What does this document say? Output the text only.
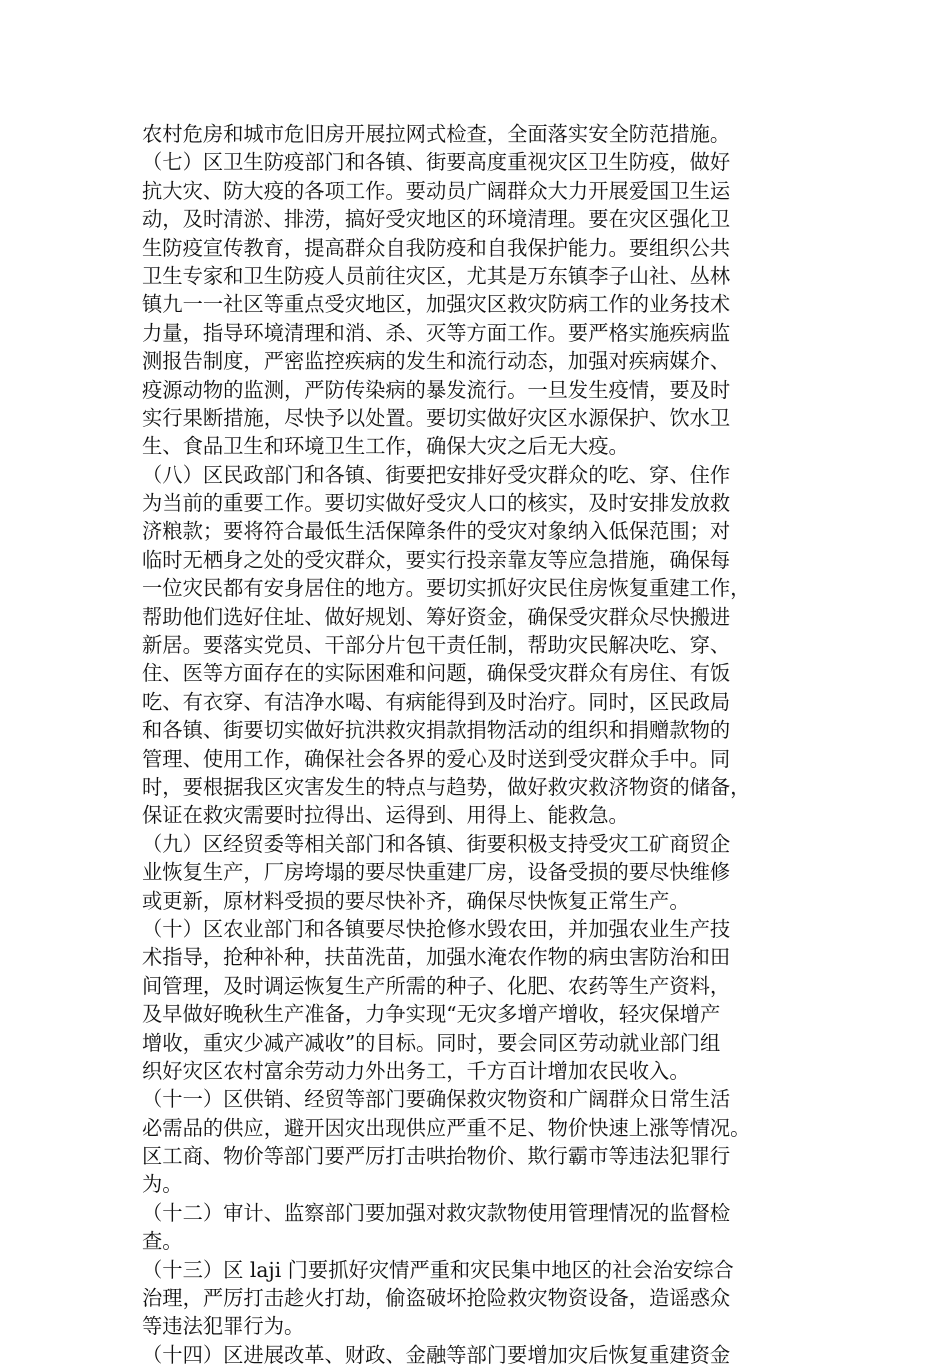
农村危房和城市危旧房开展拉网式检查，全面落实安全防范措施。
（七）区卫生防疫部门和各镇、街要高度重视灾区卫生防疫，做好
抗大灾、防大疫的各项工作。要动员广阔群众大力开展爱国卫生运
动，及时清淤、排涝，搞好受灾地区的环境清理。要在灾区强化卫
生防疫宣传教育，提高群众自我防疫和自我保护能力。要组织公共
卫生专家和卫生防疫人员前往灾区，尤其是万东镇李子山社、丛林
镇九一一社区等重点受灾地区，加强灾区救灾防病工作的业务技术
力量，指导环境清理和消、杀、灭等方面工作。要严格实施疾病监
测报告制度，严密监控疾病的发生和流行动态，加强对疾病媒介、
疫源动物的监测，严防传染病的暴发流行。一旦发生疫情，要及时
实行果断措施，尽快予以处置。要切实做好灾区水源保护、饮水卫
生、食品卫生和环境卫生工作，确保大灾之后无大疫。
（八）区民政部门和各镇、街要把安排好受灾群众的吃、穿、住作
为当前的重要工作。要切实做好受灾人口的核实，及时安排发放救
济粮款；要将符合最低生活保障条件的受灾对象纳入低保范围；对
临时无栖身之处的受灾群众，要实行投亲靠友等应急措施，确保每
一位灾民都有安身居住的地方。要切实抓好灾民住房恢复重建工作，
帮助他们选好住址、做好规划、筹好资金，确保受灾群众尽快搬进
新居。要落实党员、干部分片包干责任制，帮助灾民解决吃、穿、
住、医等方面存在的实际困难和问题，确保受灾群众有房住、有饭
吃、有衣穿、有洁净水喝、有病能得到及时治疗。同时，区民政局
和各镇、街要切实做好抗洪救灾捐款捐物活动的组织和捐赠款物的
管理、使用工作，确保社会各界的爱心及时送到受灾群众手中。同
时，要根据我区灾害发生的特点与趋势，做好救灾救济物资的储备，
保证在救灾需要时拉得出、运得到、用得上、能救急。
（九）区经贸委等相关部门和各镇、街要积极支持受灾工矿商贸企
业恢复生产，厂房垮塌的要尽快重建厂房，设备受损的要尽快维修
或更新，原材料受损的要尽快补齐，确保尽快恢复正常生产。
（十）区农业部门和各镇要尽快抢修水毁农田，并加强农业生产技
术指导，抢种补种，扶苗洗苗，加强水淹农作物的病虫害防治和田
间管理，及时调运恢复生产所需的种子、化肥、农药等生产资料，
及早做好晚秋生产准备，力争实现“无灾多增产增收，轻灾保增产
增收，重灾少减产减收”的目标。同时，要会同区劳动就业部门组
织好灾区农村富余劳动力外出务工，千方百计增加农民收入。
（十一）区供销、经贸等部门要确保救灾物资和广阔群众日常生活
必需品的供应，避开因灾出现供应严重不足、物价快速上涨等情况。
区工商、物价等部门要严厉打击哄抬物价、欺行霸市等违法犯罪行
为。
（十二）审计、监察部门要加强对救灾款物使用管理情况的监督检
查。
（十三）区 laji 门要抓好灾情严重和灾民集中地区的社会治安综合
治理，严厉打击趁火打劫，偷盗破坏抢险救灾物资设备，造谣惑众
等违法犯罪行为。
（十四）区进展改革、财政、金融等部门要增加灾后恢复重建资金
